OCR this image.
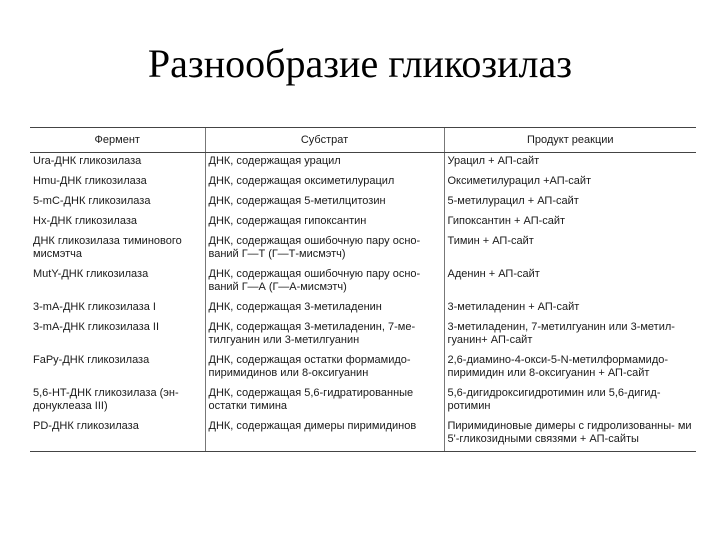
Разнообразие гликозилаз
Фермент	Субстрат	Продукт реакции
Ura-ДНК гликозилаза	ДНК, содержащая урацил	Урацил + АП-сайт
Hmu-ДНК гликозилаза	ДНК, содержащая оксиметилурацил	Оксиметилурацил +АП-сайт
5-mC-ДНК гликозилаза	ДНК, содержащая 5-метилцитозин	5-метилурацил + АП-сайт
Hx-ДНК гликозилаза	ДНК, содержащая гипоксантин	Гипоксантин + АП-сайт
ДНК гликозилаза тиминового мисмэтча	ДНК, содержащая ошибочную пару осно- ваний Г—Т (Г—Т-мисмэтч)	Тимин + АП-сайт
MutY-ДНК гликозилаза	ДНК, содержащая ошибочную пару осно- ваний Г—А (Г—А-мисмэтч)	Аденин + АП-сайт
3-mA-ДНК гликозилаза I	ДНК, содержащая 3-метиладенин	3-метиладенин + АП-сайт
3-mA-ДНК гликозилаза II	ДНК, содержащая 3-метиладенин, 7-ме- тилгуанин или 3-метилгуанин	3-метиладенин, 7-метилгуанин или 3-метил- гуанин+ АП-сайт
FaPy-ДНК гликозилаза	ДНК, содержащая остатки формамидо- пиримидинов или 8-оксигуанин	2,6-диамино-4-окси-5-N-метилформамидо- пиримидин или 8-оксигуанин + АП-сайт
5,6-HT-ДНК гликозилаза (эн- донуклеаза III)	ДНК, содержащая 5,6-гидратированные остатки тимина	5,6-дигидроксигидротимин или 5,6-дигид- ротимин
PD-ДНК гликозилаза	ДНК, содержащая димеры пиримидинов	Пиримидиновые димеры с гидролизованны- ми 5'-гликозидными связями + АП-сайты
